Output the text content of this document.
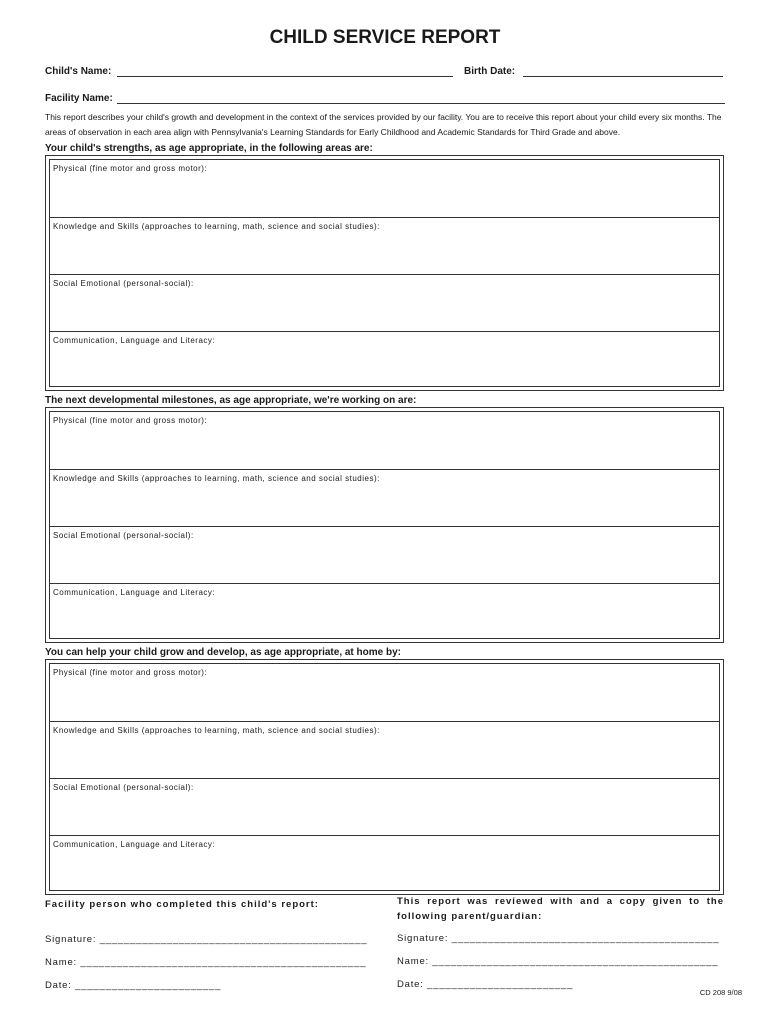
CHILD SERVICE REPORT
Child's Name:	Birth Date:
Facility Name:
This report describes your child's growth and development in the context of the services provided by our facility. You are to receive this report about your child every six months. The areas of observation in each area align with Pennsylvania's Learning Standards for Early Childhood and Academic Standards for Third Grade and above.
Your child's strengths, as age appropriate, in the following areas are:
Physical (fine motor and gross motor):
Knowledge and Skills (approaches to learning, math, science and social studies):
Social Emotional (personal-social):
Communication, Language and Literacy:
The next developmental milestones, as age appropriate, we're working on are:
Physical (fine motor and gross motor):
Knowledge and Skills (approaches to learning, math, science and social studies):
Social Emotional (personal-social):
Communication, Language and Literacy:
You can help your child grow and develop, as age appropriate, at home by:
Physical (fine motor and gross motor):
Knowledge and Skills (approaches to learning, math, science and social studies):
Social Emotional (personal-social):
Communication, Language and Literacy:
Facility person who completed this child's report:	This report was reviewed with and a copy given to the following parent/guardian:
Signature: ____________________________________________
Name: _______________________________________________
Date: ________________________
Signature: ____________________________________________
Name: _______________________________________________
Date: ________________________
CD 208 9/08
